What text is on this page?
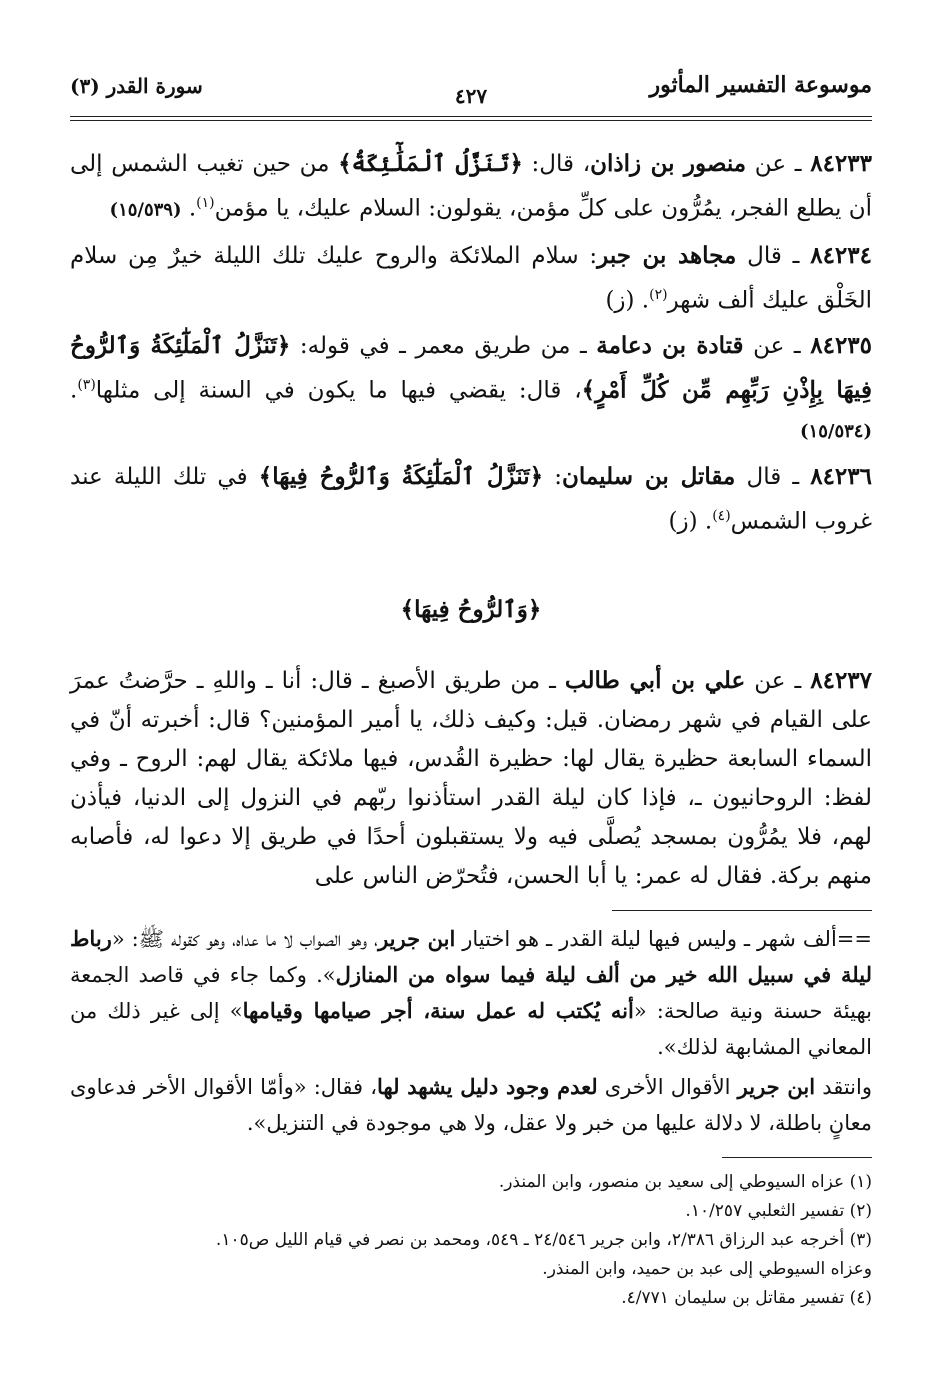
موسوعة التفسير المأثور
٤٢٧
سورة القدر (٣)

٨٤٢٣٣ ـ عن منصور بن زاذان، قال: ﴿تَنَزَّلُ ٱلْمَلَٰٓئِكَةُ﴾ من حين تغيب الشمس إلى أن يطلع الفجر، يمُرُّون على كلِّ مؤمن، يقولون: السلام عليك، يا مؤمن$^{(١)}$. (١٥/٥٣٩)

٨٤٢٣٤ ـ قال مجاهد بن جبر: سلام الملائكة والروح عليك تلك الليلة خيرٌ مِن سلام الخَلْق عليك ألف شهر$^{(٢)}$. (ز)

٨٤٢٣٥ ـ عن قتادة بن دعامة ـ من طريق معمر ـ في قوله: ﴿تَنَزَّلُ ٱلْمَلَٰٓئِكَةُ وَٱلرُّوحُ فِيهَا بِإِذْنِ رَبِّهِم مِّن كُلِّ أَمْرٍ﴾، قال: يقضي فيها ما يكون في السنة إلى مثلها$^{(٣)}$. (١٥/٥٣٤)

٨٤٢٣٦ ـ قال مقاتل بن سليمان: ﴿تَنَزَّلُ ٱلْمَلَٰٓئِكَةُ وَٱلرُّوحُ فِيهَا﴾ في تلك الليلة عند غروب الشمس$^{(٤)}$. (ز)

﴿وَٱلرُّوحُ فِيهَا﴾

٨٤٢٣٧ ـ عن علي بن أبي طالب ـ من طريق الأصبغ ـ قال: أنا ـ واللهِ ـ حرَّضتُ عمرَ على القيام في شهر رمضان. قيل: وكيف ذلك، يا أمير المؤمنين؟ قال: أخبرته أنّ في السماء السابعة حظيرة يقال لها: حظيرة القُدس، فيها ملائكة يقال لهم: الروح ـ وفي لفظ: الروحانيون ـ، فإذا كان ليلة القدر استأذنوا ربّهم في النزول إلى الدنيا، فيأذن لهم، فلا يمُرُّون بمسجد يُصلَّى فيه ولا يستقبلون أحدًا في طريق إلا دعوا له، فأصابه منهم بركة. فقال له عمر: يا أبا الحسن، فتُحرّض الناس على

==ألف شهر ـ وليس فيها ليلة القدر ـ هو اختيار ابن جرير، وهو الصواب لا ما عداه، وهو كقوله ﷺ: «رباط ليلة في سبيل الله خير من ألف ليلة فيما سواه من المنازل». وكما جاء في قاصد الجمعة بهيئة حسنة ونية صالحة: «أنه يُكتب له عمل سنة، أجر صيامها وقيامها» إلى غير ذلك من المعاني المشابهة لذلك».

وانتقد ابن جرير الأقوال الأخرى لعدم وجود دليل يشهد لها، فقال: «وأمّا الأقوال الأخر فدعاوى معانٍ باطلة، لا دلالة عليها من خبر ولا عقل، ولا هي موجودة في التنزيل».

(١) عزاه السيوطي إلى سعيد بن منصور، وابن المنذر.

(٢) تفسير الثعلبي ١٠/٢٥٧.

(٣) أخرجه عبد الرزاق ٢/٣٨٦، وابن جرير ٢٤/٥٤٦ ـ ٥٤٩، ومحمد بن نصر في قيام الليل ص١٠٥.

وعزاه السيوطي إلى عبد بن حميد، وابن المنذر.

(٤) تفسير مقاتل بن سليمان ٤/٧٧١.
